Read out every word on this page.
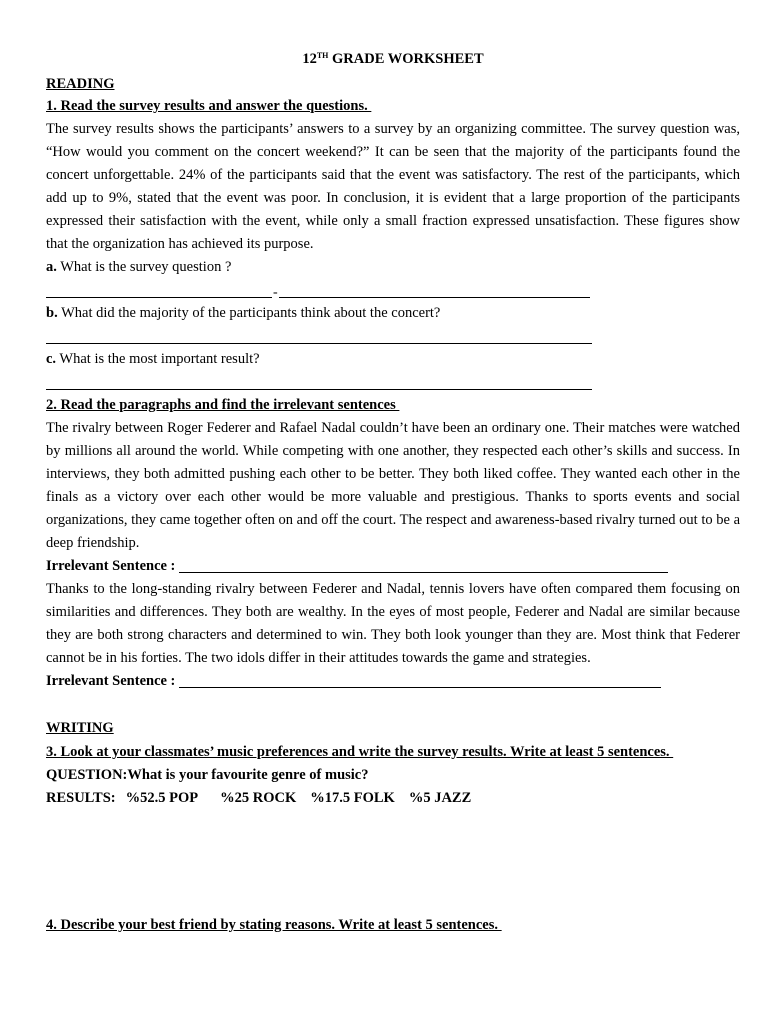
12TH GRADE WORKSHEET

READING

1. Read the survey results and answer the questions.

The survey results shows the participants’ answers to a survey by an organizing committee. The survey question was, “How would you comment on the concert weekend?” It can be seen that the majority of the participants found the concert unforgettable. 24% of the participants said that the event was satisfactory. The rest of the participants, which add up to 9%, stated that the event was poor. In conclusion, it is evident that a large proportion of the participants expressed their satisfaction with the event, while only a small fraction expressed unsatisfaction. These figures show that the organization has achieved its purpose.

a. What is the survey question ?

-

b. What did the majority of the participants think about the concert?

c. What is the most important result?

2. Read the paragraphs and find the irrelevant sentences

The rivalry between Roger Federer and Rafael Nadal couldn’t have been an ordinary one. Their matches were watched by millions all around the world. While competing with one another, they respected each other’s skills and success. In interviews, they both admitted pushing each other to be better. They both liked coffee. They wanted each other in the finals as a victory over each other would be more valuable and prestigious. Thanks to sports events and social organizations, they came together often on and off the court. The respect and awareness-based rivalry turned out to be a deep friendship.

Irrelevant Sentence :

Thanks to the long-standing rivalry between Federer and Nadal, tennis lovers have often compared them focusing on similarities and differences. They both are wealthy. In the eyes of most people, Federer and Nadal are similar because they are both strong characters and determined to win. They both look younger than they are. Most think that Federer cannot be in his forties. The two idols differ in their attitudes towards the game and strategies.

Irrelevant Sentence :

WRITING

3. Look at your classmates’ music preferences and write the survey results. Write at least 5 sentences.

QUESTION:What is your favourite genre of music?

RESULTS: %52.5 POP %25 ROCK %17.5 FOLK %5 JAZZ

4. Describe your best friend by stating reasons. Write at least 5 sentences.
